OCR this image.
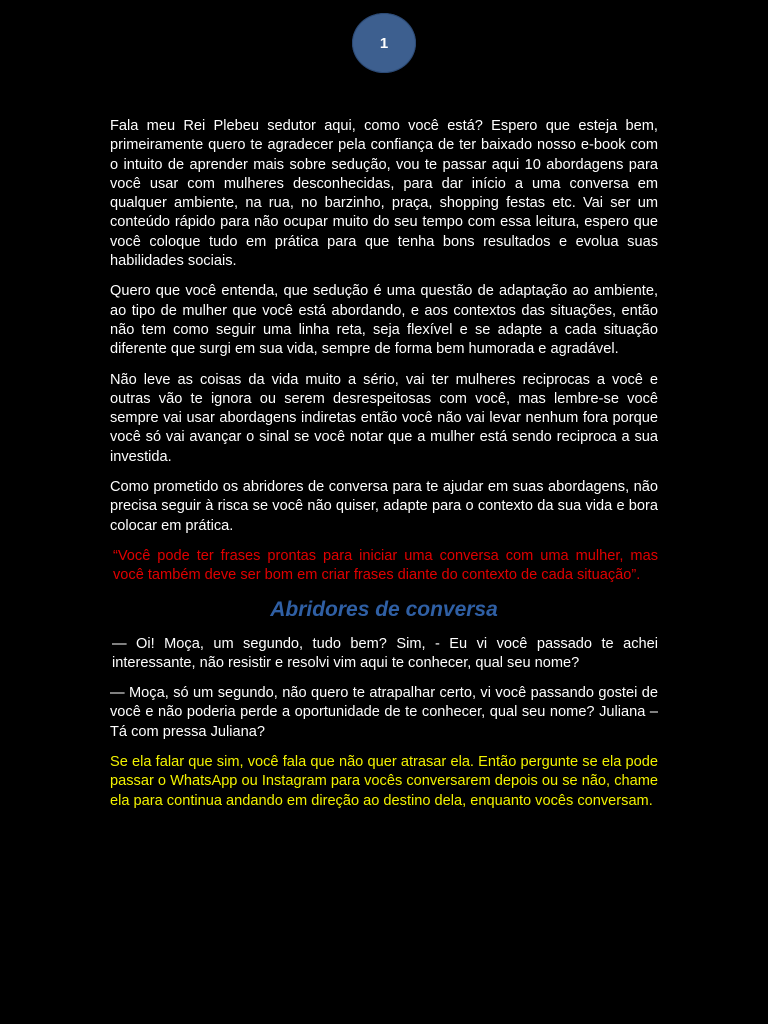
1

Fala meu Rei Plebeu sedutor aqui, como você está? Espero que esteja bem, primeiramente quero te agradecer pela confiança de ter baixado nosso e-book com o intuito de aprender mais sobre sedução, vou te passar aqui 10 abordagens para você usar com mulheres desconhecidas, para dar início a uma conversa em qualquer ambiente, na rua, no barzinho, praça, shopping festas etc. Vai ser um conteúdo rápido para não ocupar muito do seu tempo com essa leitura, espero que você coloque tudo em prática para que tenha bons resultados e evolua suas habilidades sociais.

Quero que você entenda, que sedução é uma questão de adaptação ao ambiente, ao tipo de mulher que você está abordando, e aos contextos das situações, então não tem como seguir uma linha reta, seja flexível e se adapte a cada situação diferente que surgi em sua vida, sempre de forma bem humorada e agradável.

Não leve as coisas da vida muito a sério, vai ter mulheres reciprocas a você e outras vão te ignora ou serem desrespeitosas com você, mas lembre-se você sempre vai usar abordagens indiretas então você não vai levar nenhum fora porque você só vai avançar o sinal se você notar que a mulher está sendo reciproca a sua investida.

Como prometido os abridores de conversa para te ajudar em suas abordagens, não precisa seguir à risca se você não quiser, adapte para o contexto da sua vida e bora colocar em prática.

“Você pode ter frases prontas para iniciar uma conversa com uma mulher, mas você também deve ser bom em criar frases diante do contexto de cada situação”.

Abridores de conversa

— Oi! Moça, um segundo, tudo bem? Sim, - Eu vi você passado te achei interessante, não resistir e resolvi vim aqui te conhecer, qual seu nome?

— Moça, só um segundo, não quero te atrapalhar certo, vi você passando gostei de você e não poderia perde a oportunidade de te conhecer, qual seu nome? Juliana – Tá com pressa Juliana?

Se ela falar que sim, você fala que não quer atrasar ela. Então pergunte se ela pode passar o WhatsApp ou Instagram para vocês conversarem depois ou se não, chame ela para continua andando em direção ao destino dela, enquanto vocês conversam.
